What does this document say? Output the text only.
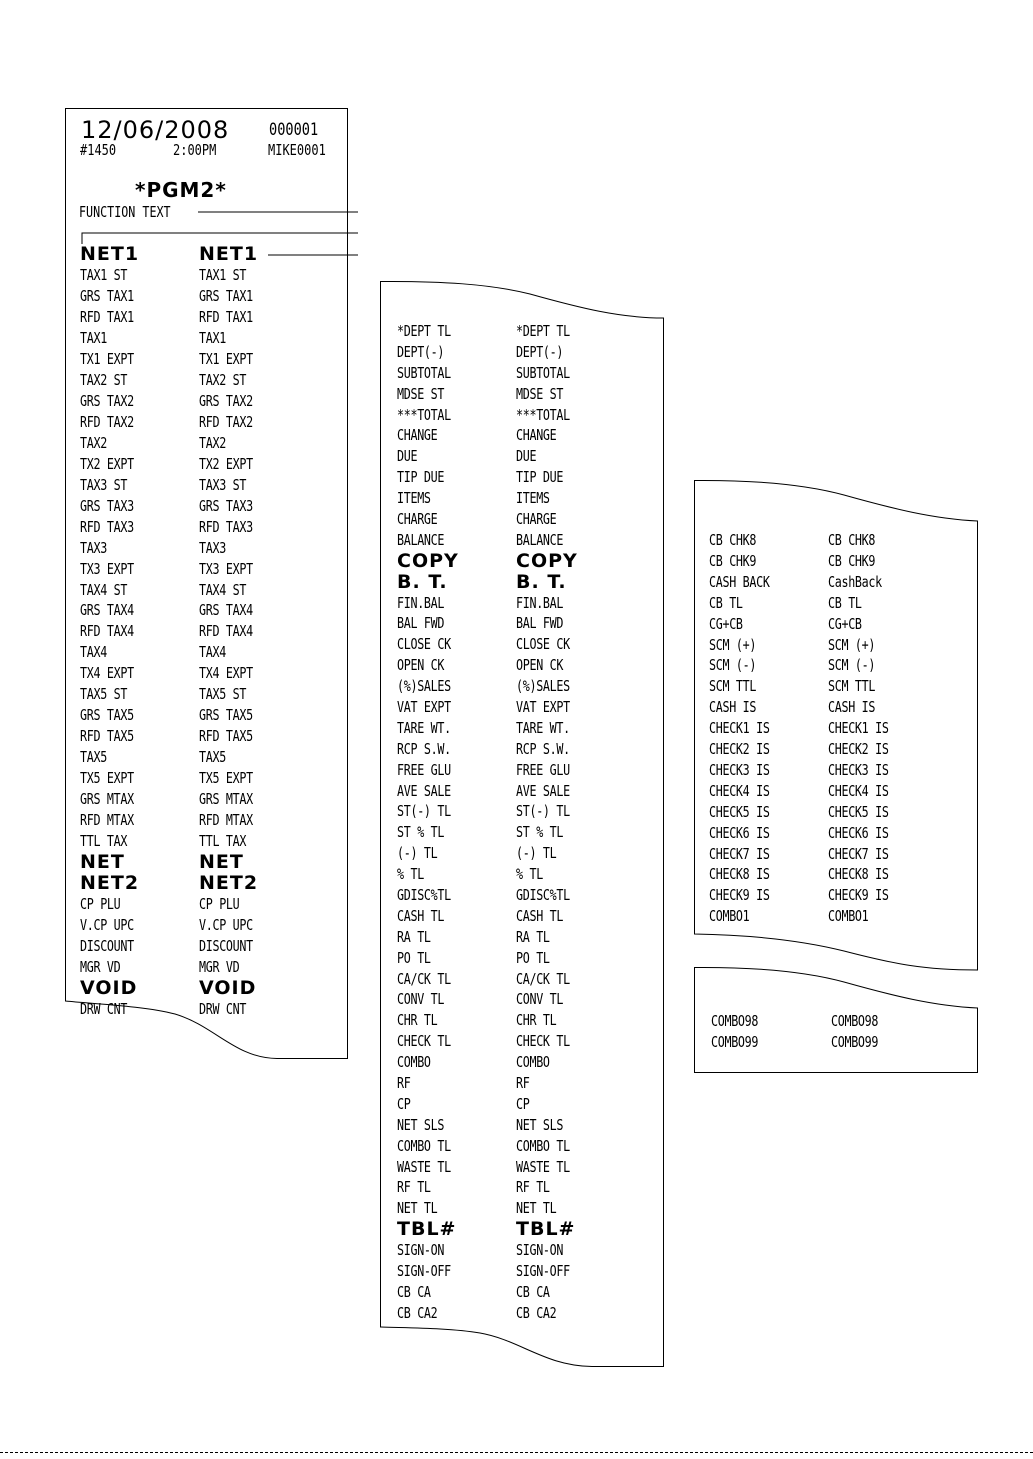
12/06/2008 000001
#1450	2:00PM	MIKE0001
*PGM2*
FUNCTION TEXT
NET1	NET1
TAX1 ST	TAX1 ST
GRS TAX1	GRS TAX1
RFD TAX1	RFD TAX1
TAX1	TAX1
TX1 EXPT	TX1 EXPT
TAX2 ST	TAX2 ST
GRS TAX2	GRS TAX2
RFD TAX2	RFD TAX2
TAX2	TAX2
TX2 EXPT	TX2 EXPT
TAX3 ST	TAX3 ST
GRS TAX3	GRS TAX3
RFD TAX3	RFD TAX3
TAX3	TAX3
TX3 EXPT	TX3 EXPT
TAX4 ST	TAX4 ST
GRS TAX4	GRS TAX4
RFD TAX4	RFD TAX4
TAX4	TAX4
TX4 EXPT	TX4 EXPT
TAX5 ST	TAX5 ST
GRS TAX5	GRS TAX5
RFD TAX5	RFD TAX5
TAX5	TAX5
TX5 EXPT	TX5 EXPT
GRS MTAX	GRS MTAX
RFD MTAX	RFD MTAX
TTL TAX	TTL TAX
NET	NET
NET2	NET2
CP PLU	CP PLU
V.CP UPC	V.CP UPC
DISCOUNT	DISCOUNT
MGR VD	MGR VD
VOID	VOID
DRW CNT	DRW CNT
*DEPT TL	*DEPT TL
DEPT(-)	DEPT(-)
SUBTOTAL	SUBTOTAL
MDSE ST	MDSE ST
***TOTAL	***TOTAL
CHANGE	CHANGE
DUE	DUE
TIP DUE	TIP DUE
ITEMS	ITEMS
CHARGE	CHARGE
BALANCE	BALANCE
COPY	COPY
B. T.	B. T.
FIN.BAL	FIN.BAL
BAL FWD	BAL FWD
CLOSE CK	CLOSE CK
OPEN CK	OPEN CK
(%)SALES	(%)SALES
VAT EXPT	VAT EXPT
TARE WT.	TARE WT.
RCP S.W.	RCP S.W.
FREE GLU	FREE GLU
AVE SALE	AVE SALE
ST(-) TL	ST(-) TL
ST % TL	ST % TL
(-) TL	(-) TL
% TL	% TL
GDISC%TL	GDISC%TL
CASH TL	CASH TL
RA TL	RA TL
PO TL	PO TL
CA/CK TL	CA/CK TL
CONV TL	CONV TL
CHR TL	CHR TL
CHECK TL	CHECK TL
COMBO	COMBO
RF	RF
CP	CP
NET SLS	NET SLS
COMBO TL	COMBO TL
WASTE TL	WASTE TL
RF TL	RF TL
NET TL	NET TL
TBL#	TBL#
SIGN-ON	SIGN-ON
SIGN-OFF	SIGN-OFF
CB CA	CB CA
CB CA2	CB CA2
CB CHK8	CB CHK8
CB CHK9	CB CHK9
CASH BACK	CashBack
CB TL	CB TL
CG+CB	CG+CB
SCM (+)	SCM (+)
SCM (-)	SCM (-)
SCM TTL	SCM TTL
CASH IS	CASH IS
CHECK1 IS	CHECK1 IS
CHECK2 IS	CHECK2 IS
CHECK3 IS	CHECK3 IS
CHECK4 IS	CHECK4 IS
CHECK5 IS	CHECK5 IS
CHECK6 IS	CHECK6 IS
CHECK7 IS	CHECK7 IS
CHECK8 IS	CHECK8 IS
CHECK9 IS	CHECK9 IS
COMBO1	COMBO1
COMBO98	COMBO98
COMBO99	COMBO99
